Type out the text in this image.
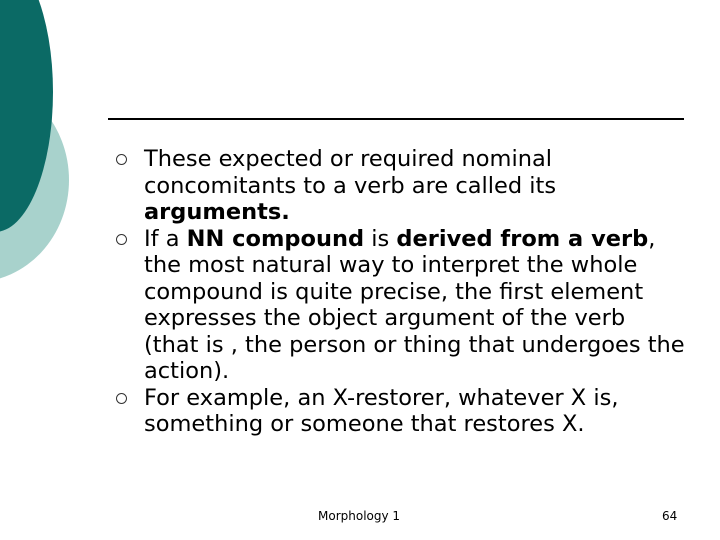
These expected or required nominal concomitants to a verb are called its arguments.
If a NN compound is derived from a verb, the most natural way to interpret the whole compound is quite precise, the first element expresses the object argument of the verb (that is , the person or thing that undergoes the action).
For example, an X-restorer, whatever X is, something or someone that restores X.
Morphology 1	64
